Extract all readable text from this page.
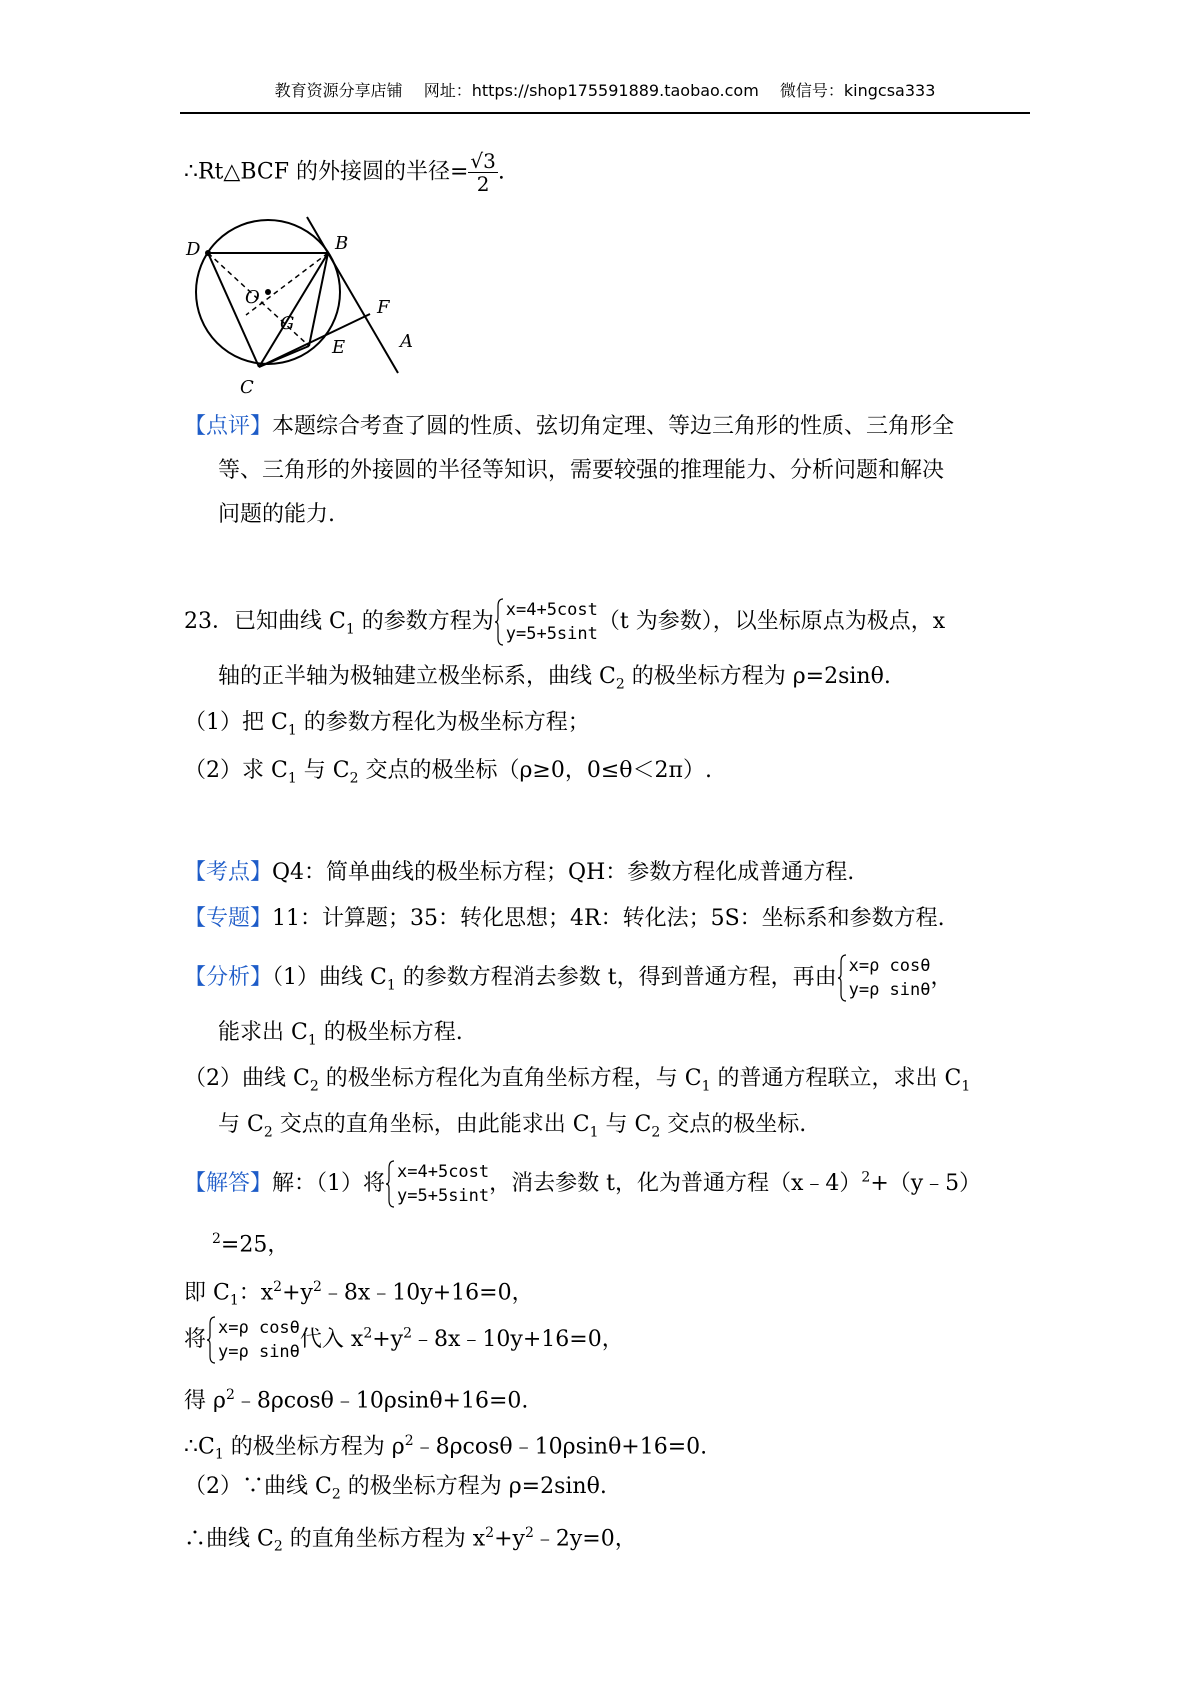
教育资源分享店铺 网址：https://shop175591889.taobao.com 微信号：kingcsa333
∴Rt△BCF 的外接圆的半径= $\frac{√3}{2}$ .
D	B
O	F
G
E	A
C
【点评】本题综合考查了圆的性质、弦切角定理、等边三角形的性质、三角形全
等、三角形的外接圆的半径等知识，需要较强的推理能力、分析问题和解决
问题的能力.
23．已知曲线 $C_1$ 的参数方程为 x=4+5cost
y=5+5sint （t 为参数），以坐标原点为极点，x
轴的正半轴为极轴建立极坐标系，曲线 $C_2$ 的极坐标方程为 ρ=2sinθ.
（1）把 $C_1$ 的参数方程化为极坐标方程；
（2）求 $C_1$ 与 $C_2$ 交点的极坐标（ρ≥0，0≤θ＜2π）.
【考点】Q4：简单曲线的极坐标方程；QH：参数方程化成普通方程.
【专题】11：计算题；35：转化思想；4R：转化法；5S：坐标系和参数方程.
【分析】（1）曲线 $C_1$ 的参数方程消去参数 t，得到普通方程，再由 x=ρ cosθ
y=ρ sinθ ，
能求出 $C_1$ 的极坐标方程.
（2）曲线 $C_2$ 的极坐标方程化为直角坐标方程，与 $C_1$ 的普通方程联立，求出 $C_1$
与 $C_2$ 交点的直角坐标，由此能求出 $C_1$ 与 $C_2$ 交点的极坐标.
【解答】解：（1）将 x=4+5cost
y=5+5sint ，消去参数 t，化为普通方程（x﹣4）$^2$+（y﹣5）
$^2$=25，
即 $C_1$：$x^2+y^2﹣8x﹣10y+16=0$，
将 x=ρ cosθ
y=ρ sinθ 代入 $x^2+y^2﹣8x﹣10y+16=0$，
得 $\rho^2﹣8\rho\cos\theta﹣10\rho\sin\theta+16=0$.
$\therefore C_1$ 的极坐标方程为 $\rho^2﹣8\rho\cos\theta﹣10\rho\sin\theta+16=0$.
（2）∵曲线 $C_2$ 的极坐标方程为 ρ=2sinθ.
∴曲线 $C_2$ 的直角坐标方程为 $x^2+y^2﹣2y=0$，
